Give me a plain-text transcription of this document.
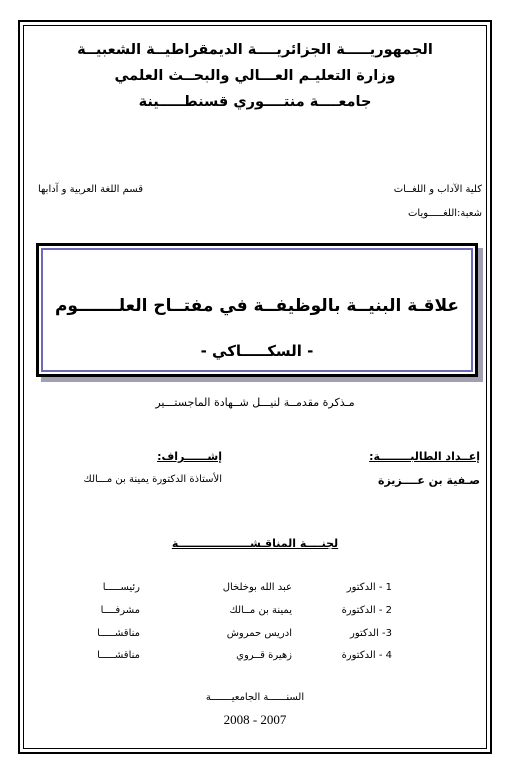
الجمهوريـــــة الجزائريــــة الديمقراطيــة الشعبيــة
وزارة التعليـم العـــالي والبحــث العلمي
جامعــــة منتــــوري قسنطـــــينة
كلية الآداب و اللغــات
شعبة:اللغـــــويات
قسم اللغة العربية و آدابها
علاقـة البنيــة بالوظيفــة في مفتــاح العلـــــــوم
- السكـــــاكي -
مـذكرة مقدمــة لنيـــل شــهادة الماجستـــير
إعــداد الطالبــــــــة:
صـفية بن عــــزيزة
إشــــــراف:
الأستاذة الدكتورة يمينة بن مـــالك
لجنــــة المناقـشـــــــــــــــــــة
1 - الدكتور
عبد الله بوخلخال
رئيســـــا
2 - الدكتورة
يمينة بن مــالك
مشرفــــا
3- الدكتور
ادريس حمروش
مناقشـــــا
4 - الدكتورة
زهيرة قــروي
مناقشـــــا
السنــــــة الجامعيـــــــة
2007 - 2008
